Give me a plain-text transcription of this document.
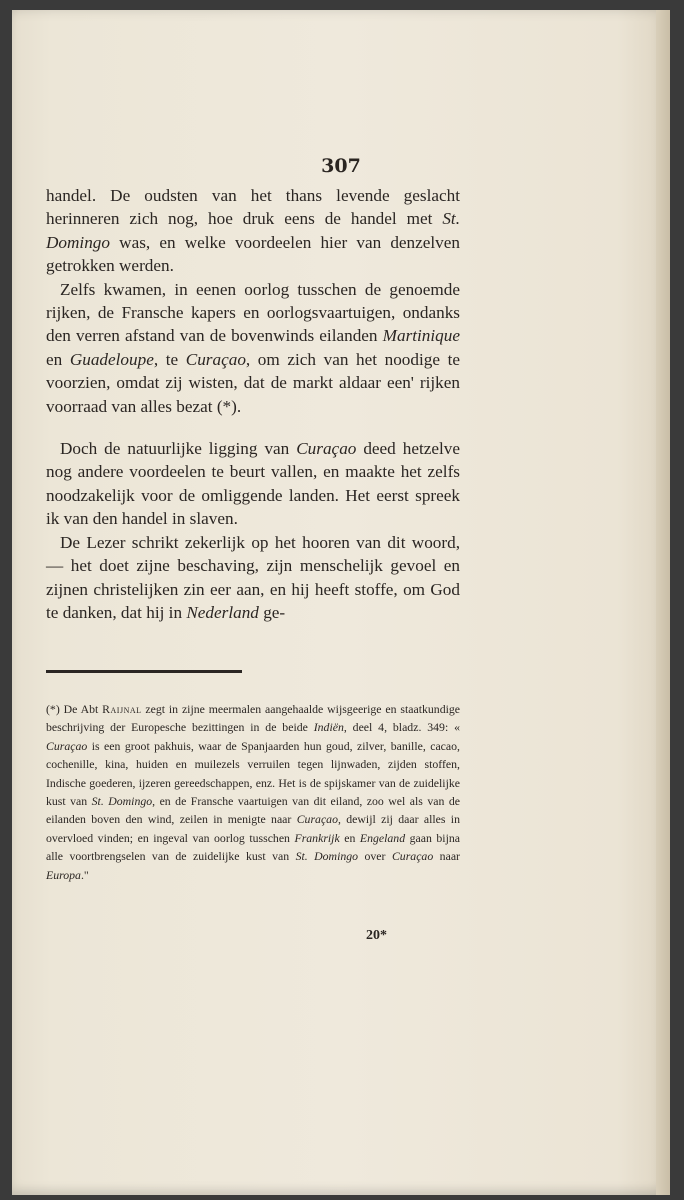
307

handel. De oudsten van het thans levende geslacht herinneren zich nog, hoe druk eens de handel met St. Domingo was, en welke voordeelen hier van denzelven getrokken werden.

Zelfs kwamen, in eenen oorlog tusschen de genoemde rijken, de Fransche kapers en oorlogsvaartuigen, ondanks den verren afstand van de bovenwinds eilanden Martinique en Guadeloupe, te Curaçao, om zich van het noodige te voorzien, omdat zij wisten, dat de markt aldaar een' rijken voorraad van alles bezat (*).

Doch de natuurlijke ligging van Curaçao deed hetzelve nog andere voordeelen te beurt vallen, en maakte het zelfs noodzakelijk voor de omliggende landen. Het eerst spreek ik van den handel in slaven.

De Lezer schrikt zekerlijk op het hooren van dit woord, — het doet zijne beschaving, zijn menschelijk gevoel en zijnen christelijken zin eer aan, en hij heeft stoffe, om God te danken, dat hij in Nederland ge-

(*) De Abt Raijnal zegt in zijne meermalen aangehaalde wijsgeerige en staatkundige beschrijving der Europesche bezittingen in de beide Indiën, deel 4, bladz. 349: « Curaçao is een groot pakhuis, waar de Spanjaarden hun goud, zilver, banille, cacao, cochenille, kina, huiden en muilezels verruilen tegen lijnwaden, zijden stoffen, Indische goederen, ijzeren gereedschappen, enz. Het is de spijskamer van de zuidelijke kust van St. Domingo, en de Fransche vaartuigen van dit eiland, zoo wel als van de eilanden boven den wind, zeilen in menigte naar Curaçao, dewijl zij daar alles in overvloed vinden; en ingeval van oorlog tusschen Frankrijk en Engeland gaan bijna alle voortbrengselen van de zuidelijke kust van St. Domingo over Curaçao naar Europa."

20*
